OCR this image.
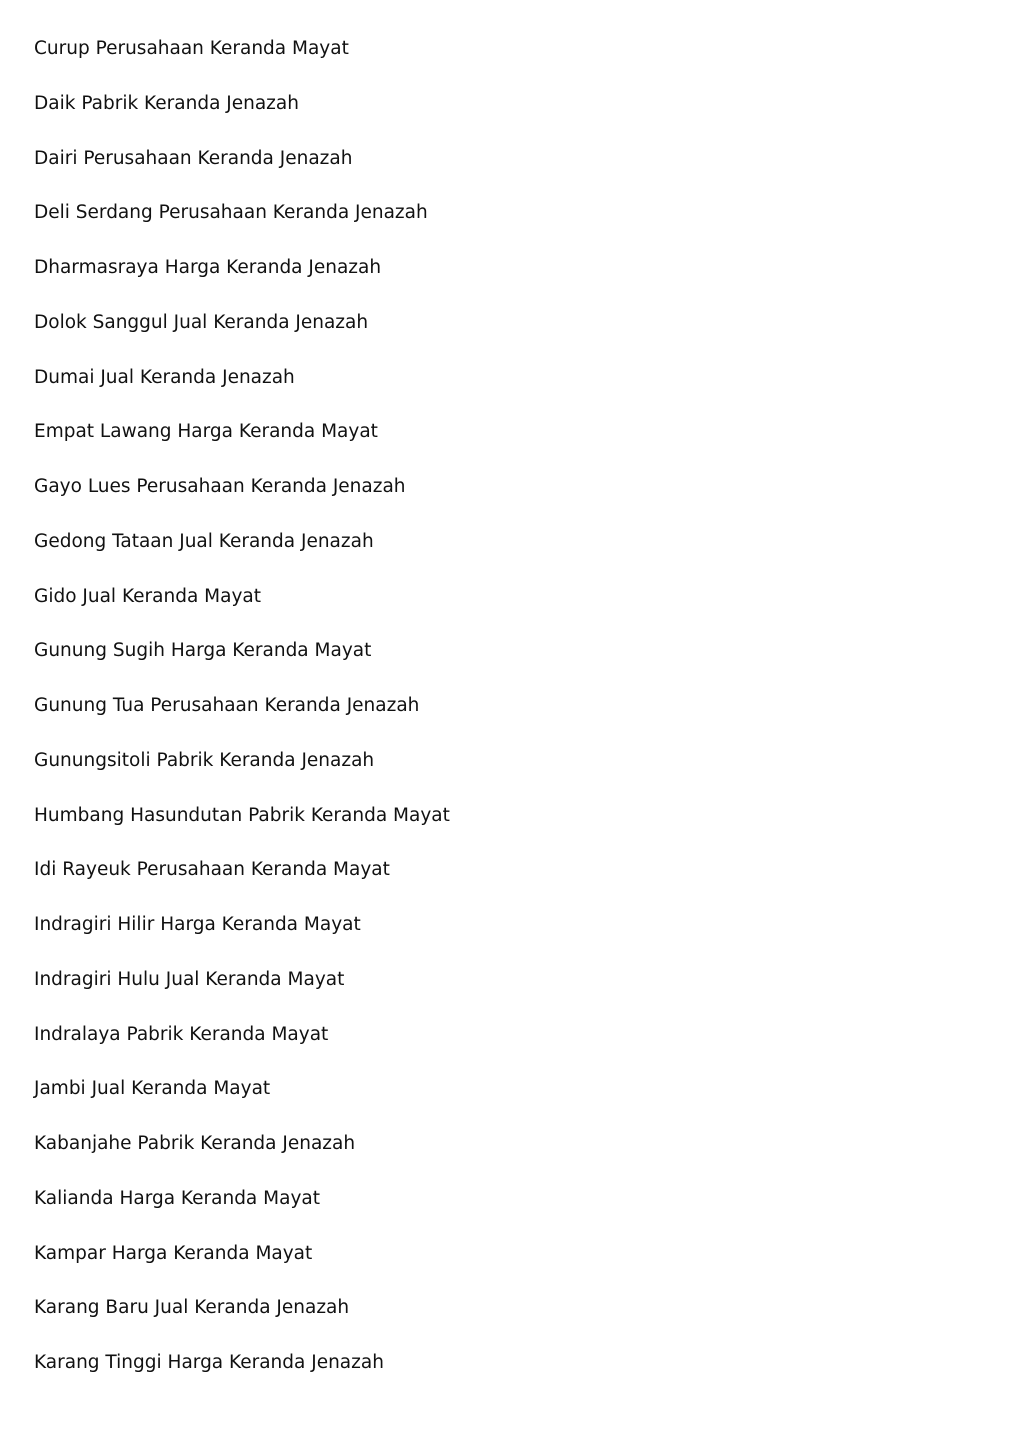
Curup Perusahaan Keranda Mayat
Daik Pabrik Keranda Jenazah
Dairi Perusahaan Keranda Jenazah
Deli Serdang Perusahaan Keranda Jenazah
Dharmasraya Harga Keranda Jenazah
Dolok Sanggul Jual Keranda Jenazah
Dumai Jual Keranda Jenazah
Empat Lawang Harga Keranda Mayat
Gayo Lues Perusahaan Keranda Jenazah
Gedong Tataan Jual Keranda Jenazah
Gido Jual Keranda Mayat
Gunung Sugih Harga Keranda Mayat
Gunung Tua Perusahaan Keranda Jenazah
Gunungsitoli Pabrik Keranda Jenazah
Humbang Hasundutan Pabrik Keranda Mayat
Idi Rayeuk Perusahaan Keranda Mayat
Indragiri Hilir Harga Keranda Mayat
Indragiri Hulu Jual Keranda Mayat
Indralaya Pabrik Keranda Mayat
Jambi Jual Keranda Mayat
Kabanjahe Pabrik Keranda Jenazah
Kalianda Harga Keranda Mayat
Kampar Harga Keranda Mayat
Karang Baru Jual Keranda Jenazah
Karang Tinggi Harga Keranda Jenazah
